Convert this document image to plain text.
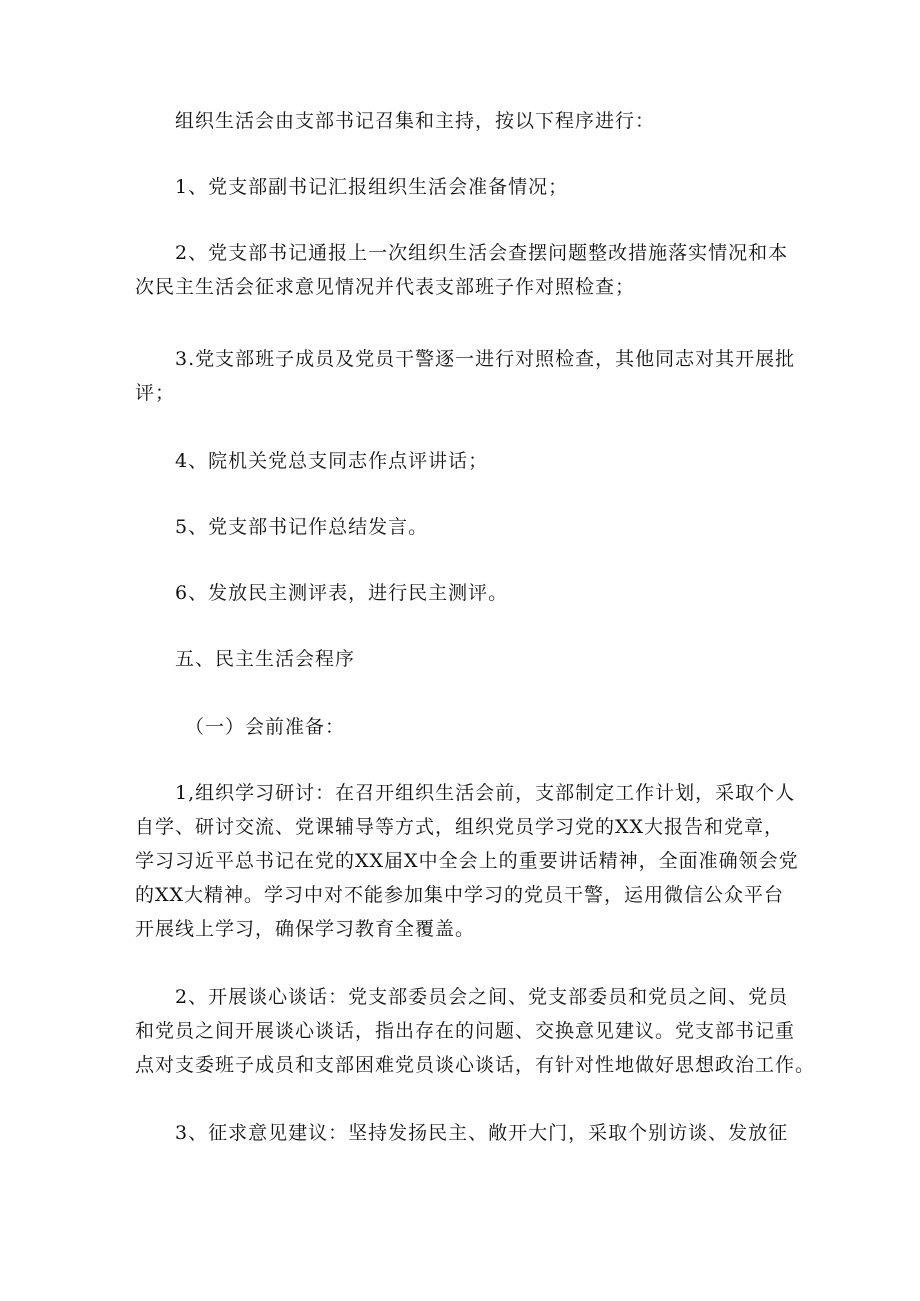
组织生活会由支部书记召集和主持，按以下程序进行：

1、党支部副书记汇报组织生活会准备情况；

2、党支部书记通报上一次组织生活会查摆问题整改措施落实情况和本

次民主生活会征求意见情况并代表支部班子作对照检查；

3.党支部班子成员及党员干警逐一进行对照检查，其他同志对其开展批

评；

4、院机关党总支同志作点评讲话；

5、党支部书记作总结发言。

6、发放民主测评表，进行民主测评。

五、民主生活会程序

（一）会前准备：

1,组织学习研讨：在召开组织生活会前，支部制定工作计划，采取个人
自学、研讨交流、党课辅导等方式，组织党员学习党的XX大报告和党章，
学习习近平总书记在党的XX届X中全会上的重要讲话精神，全面准确领会党
的XX大精神。学习中对不能参加集中学习的党员干警，运用微信公众平台
开展线上学习，确保学习教育全覆盖。
2、开展谈心谈话：党支部委员会之间、党支部委员和党员之间、党员
和党员之间开展谈心谈话，指出存在的问题、交换意见建议。党支部书记重
点对支委班子成员和支部困难党员谈心谈话，有针对性地做好思想政治工作。

3、征求意见建议：坚持发扬民主、敞开大门，采取个别访谈、发放征
